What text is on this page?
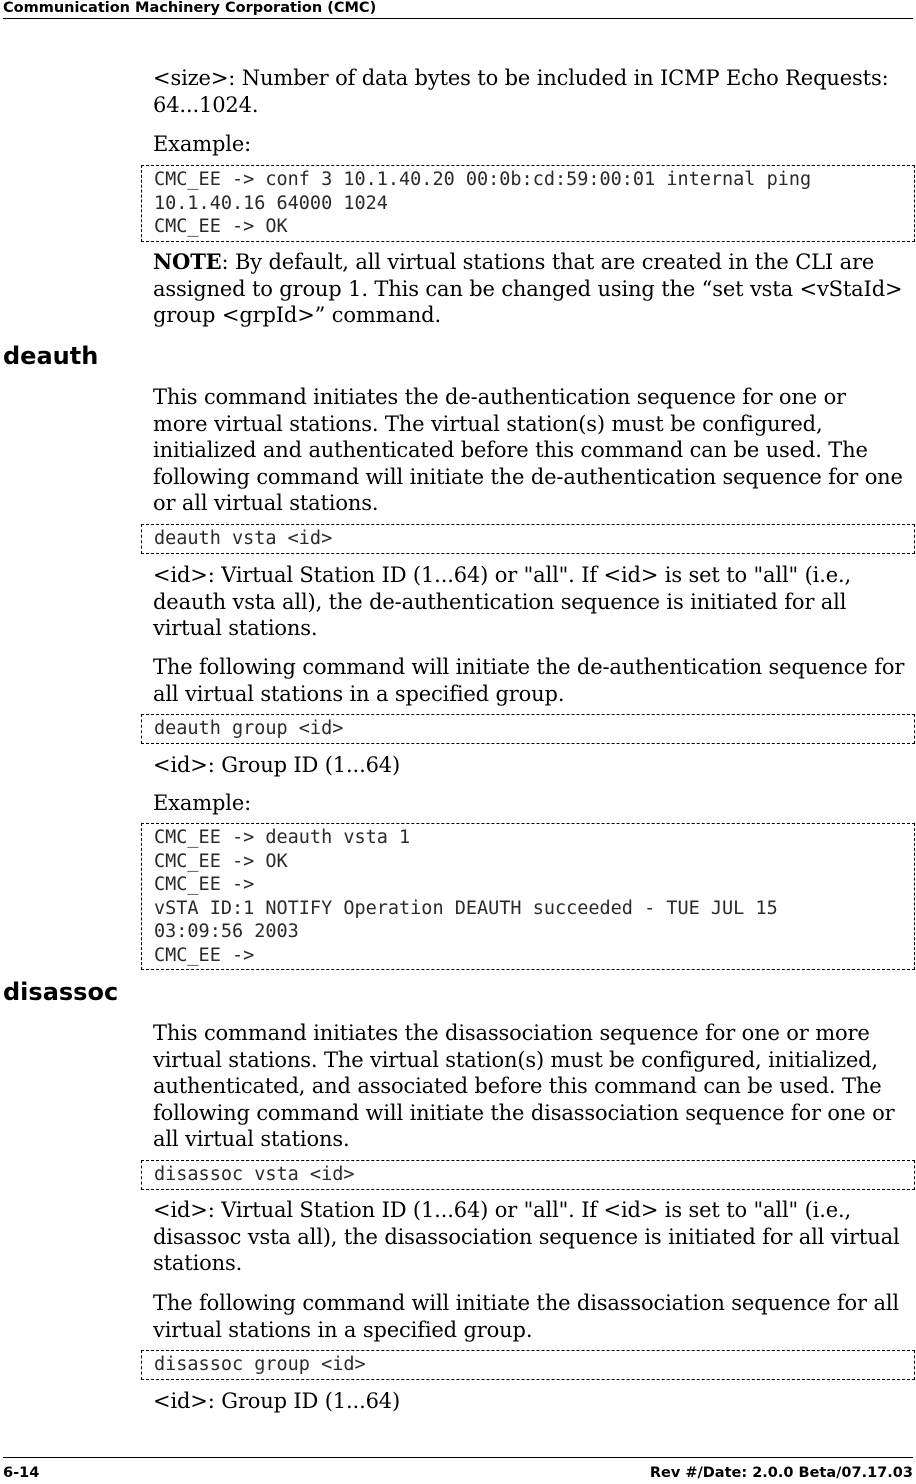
Communication Machinery Corporation (CMC)

<size>: Number of data bytes to be included in ICMP Echo Requests: 64...1024.

Example:

CMC_EE -> conf 3 10.1.40.20 00:0b:cd:59:00:01 internal ping
10.1.40.16 64000 1024
CMC_EE -> OK

NOTE: By default, all virtual stations that are created in the CLI are assigned to group 1. This can be changed using the “set vsta <vStaId> group <grpId>” command.

deauth

This command initiates the de-authentication sequence for one or more virtual stations. The virtual station(s) must be configured, initialized and authenticated before this command can be used. The following command will initiate the de-authentication sequence for one or all virtual stations.

deauth vsta <id>

<id>: Virtual Station ID (1...64) or "all". If <id> is set to "all" (i.e., deauth vsta all), the de-authentication sequence is initiated for all virtual stations.

The following command will initiate the de-authentication sequence for all virtual stations in a specified group.

deauth group <id>

<id>: Group ID (1...64)

Example:

CMC_EE -> deauth vsta 1
CMC_EE -> OK
CMC_EE ->
vSTA ID:1 NOTIFY Operation DEAUTH succeeded - TUE JUL 15
03:09:56 2003
CMC_EE ->
disassoc

This command initiates the disassociation sequence for one or more virtual stations. The virtual station(s) must be configured, initialized, authenticated, and associated before this command can be used. The following command will initiate the disassociation sequence for one or all virtual stations.

disassoc vsta <id>

<id>: Virtual Station ID (1...64) or "all". If <id> is set to "all" (i.e., disassoc vsta all), the disassociation sequence is initiated for all virtual stations.

The following command will initiate the disassociation sequence for all virtual stations in a specified group.

disassoc group <id>

<id>: Group ID (1...64)

6-14	Rev #/Date: 2.0.0 Beta/07.17.03
